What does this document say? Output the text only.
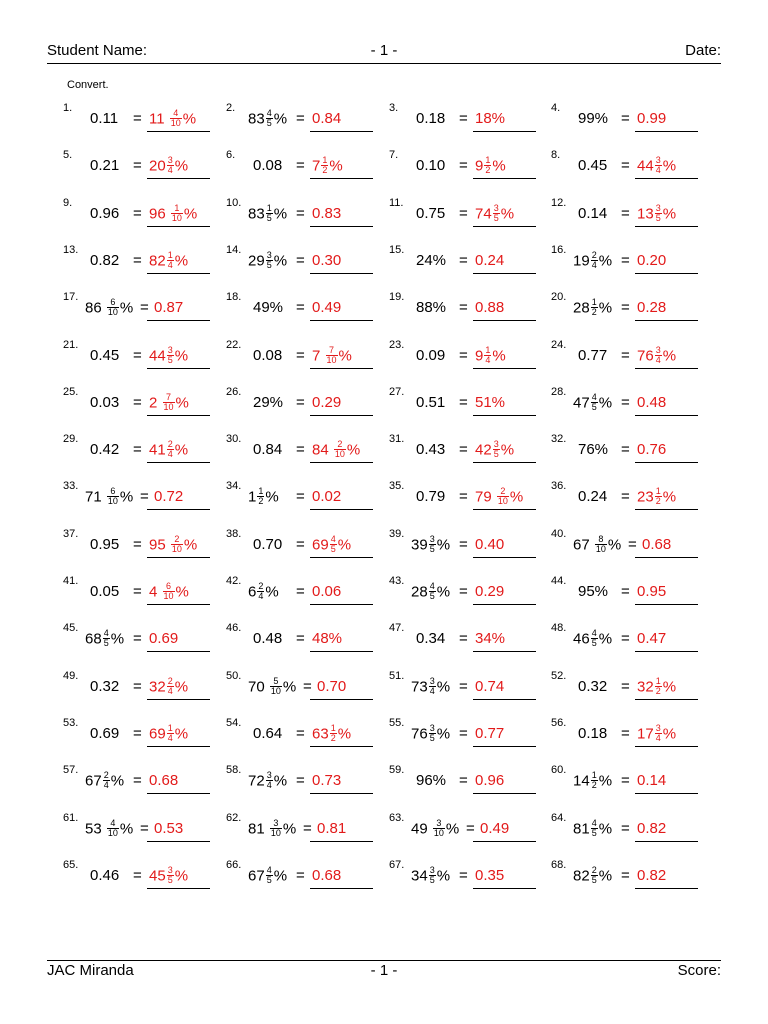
Student Name:	- 1 -	Date:
Convert.
1.
$0.11 = 11 \frac{4}{10}$ %
2.
$83 \frac{4}{5}$ % = 0.84
3.
0.18 = 18%
4.
99% = 0.99
5.
$0.21 = 20 \frac{3}{4}$ %
6.
$0.08 = 7 \frac{1}{2}$ %
7.
$0.10 = 9 \frac{1}{2}$ %
8.
$0.45 = 44 \frac{3}{4}$ %
9.
$0.96 = 96 \frac{1}{10}$ %
10.
$83 \frac{1}{5}$ % = 0.83
11.
$0.75 = 74 \frac{3}{5}$ %
12.
$0.14 = 13 \frac{3}{5}$ %
13.
$0.82 = 82 \frac{1}{4}$ %
14.
$29 \frac{3}{5}$ % = 0.30
15.
24% = 0.24
16.
$19 \frac{2}{4}$ % = 0.20
17.
$86 \frac{6}{10}$ % = 0.87
18.
49% = 0.49
19.
88% = 0.88
20.
$28 \frac{1}{2}$ % = 0.28
21.
$0.45 = 44 \frac{3}{5}$ %
22.
$0.08 = 7 \frac{7}{10}$ %
23.
$0.09 = 9 \frac{1}{4}$ %
24.
$0.77 = 76 \frac{3}{4}$ %
25.
$0.03 = 2 \frac{7}{10}$ %
26.
29% = 0.29
27.
0.51 = 51%
28.
$47 \frac{4}{5}$ % = 0.48
29.
$0.42 = 41 \frac{2}{4}$ %
30.
$0.84 = 84 \frac{2}{10}$ %
31.
$0.43 = 42 \frac{3}{5}$ %
32.
76% = 0.76
33.
$71 \frac{6}{10}$ % = 0.72
34.
$1 \frac{1}{2}$ % = 0.02
35.
$0.79 = 79 \frac{2}{10}$ %
36.
$0.24 = 23 \frac{1}{2}$ %
37.
$0.95 = 95 \frac{2}{10}$ %
38.
$0.70 = 69 \frac{4}{5}$ %
39.
$39 \frac{3}{5}$ % = 0.40
40.
$67 \frac{8}{10}$ % = 0.68
41.
$0.05 = 4 \frac{6}{10}$ %
42.
$6 \frac{2}{4}$ % = 0.06
43.
$28 \frac{4}{5}$ % = 0.29
44.
95% = 0.95
45.
$68 \frac{4}{5}$ % = 0.69
46.
0.48 = 48%
47.
0.34 = 34%
48.
$46 \frac{4}{5}$ % = 0.47
49.
$0.32 = 32 \frac{2}{4}$ %
50.
$70 \frac{5}{10}$ % = 0.70
51.
$73 \frac{3}{4}$ % = 0.74
52.
$0.32 = 32 \frac{1}{2}$ %
53.
$0.69 = 69 \frac{1}{4}$ %
54.
$0.64 = 63 \frac{1}{2}$ %
55.
$76 \frac{3}{5}$ % = 0.77
56.
$0.18 = 17 \frac{3}{4}$ %
57.
$67 \frac{2}{4}$ % = 0.68
58.
$72 \frac{3}{4}$ % = 0.73
59.
96% = 0.96
60.
$14 \frac{1}{2}$ % = 0.14
61.
$53 \frac{4}{10}$ % = 0.53
62.
$81 \frac{3}{10}$ % = 0.81
63.
$49 \frac{3}{10}$ % = 0.49
64.
$81 \frac{4}{5}$ % = 0.82
65.
$0.46 = 45 \frac{3}{5}$ %
66.
$67 \frac{4}{5}$ % = 0.68
67.
$34 \frac{3}{5}$ % = 0.35
68.
$82 \frac{2}{5}$ % = 0.82
JAC Miranda	- 1 -	Score:
